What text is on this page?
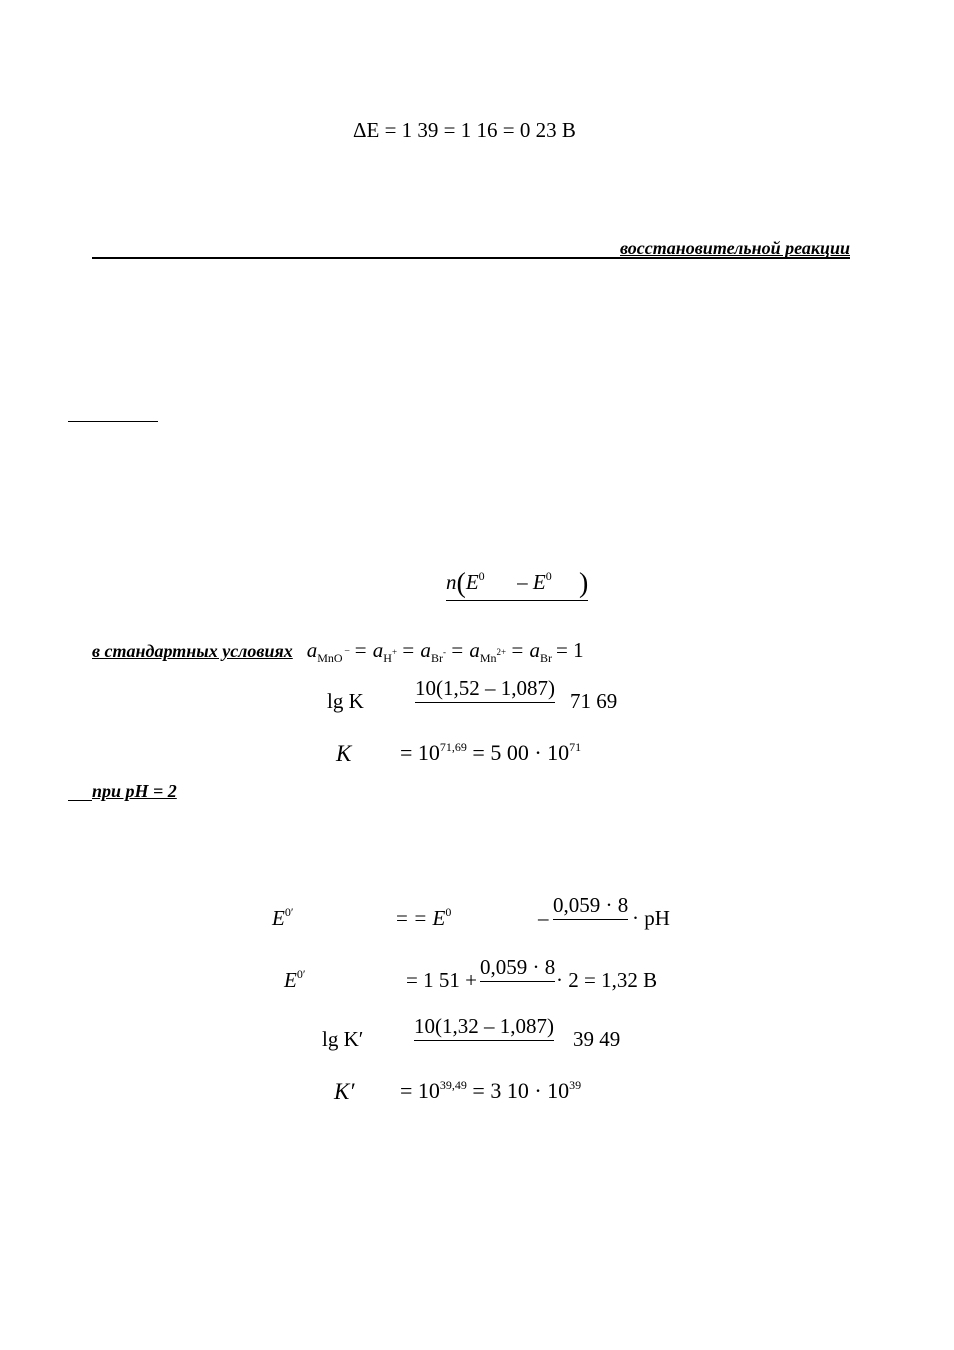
ΔE = 1 39 = 1 16 = 0 23 В
восстановительной реакции
$n(E^0 - E^0$ )
в стандартных условиях $a_{MnO}$ $^- = a_H^+ = a_{Br}^- = a_{Mn}^{2+} = a_{Br} = 1$
lg K
10(1,52 – 1,087)
71 69
$K = 10^{71,69} = 5$ $00 \cdot 10^{71}$
при pH = 2
$E^{0'}$	= = $E^0$	–
0,059 · 8
· pH
$E^{0'}$	= 1 51 +
0,059 · 8
· 2 = 1,32 В
lg K′
10(1,32 – 1,087)
39 49
$K' = 10^{39,49} = 3$ $10 \cdot 10^{39}$
